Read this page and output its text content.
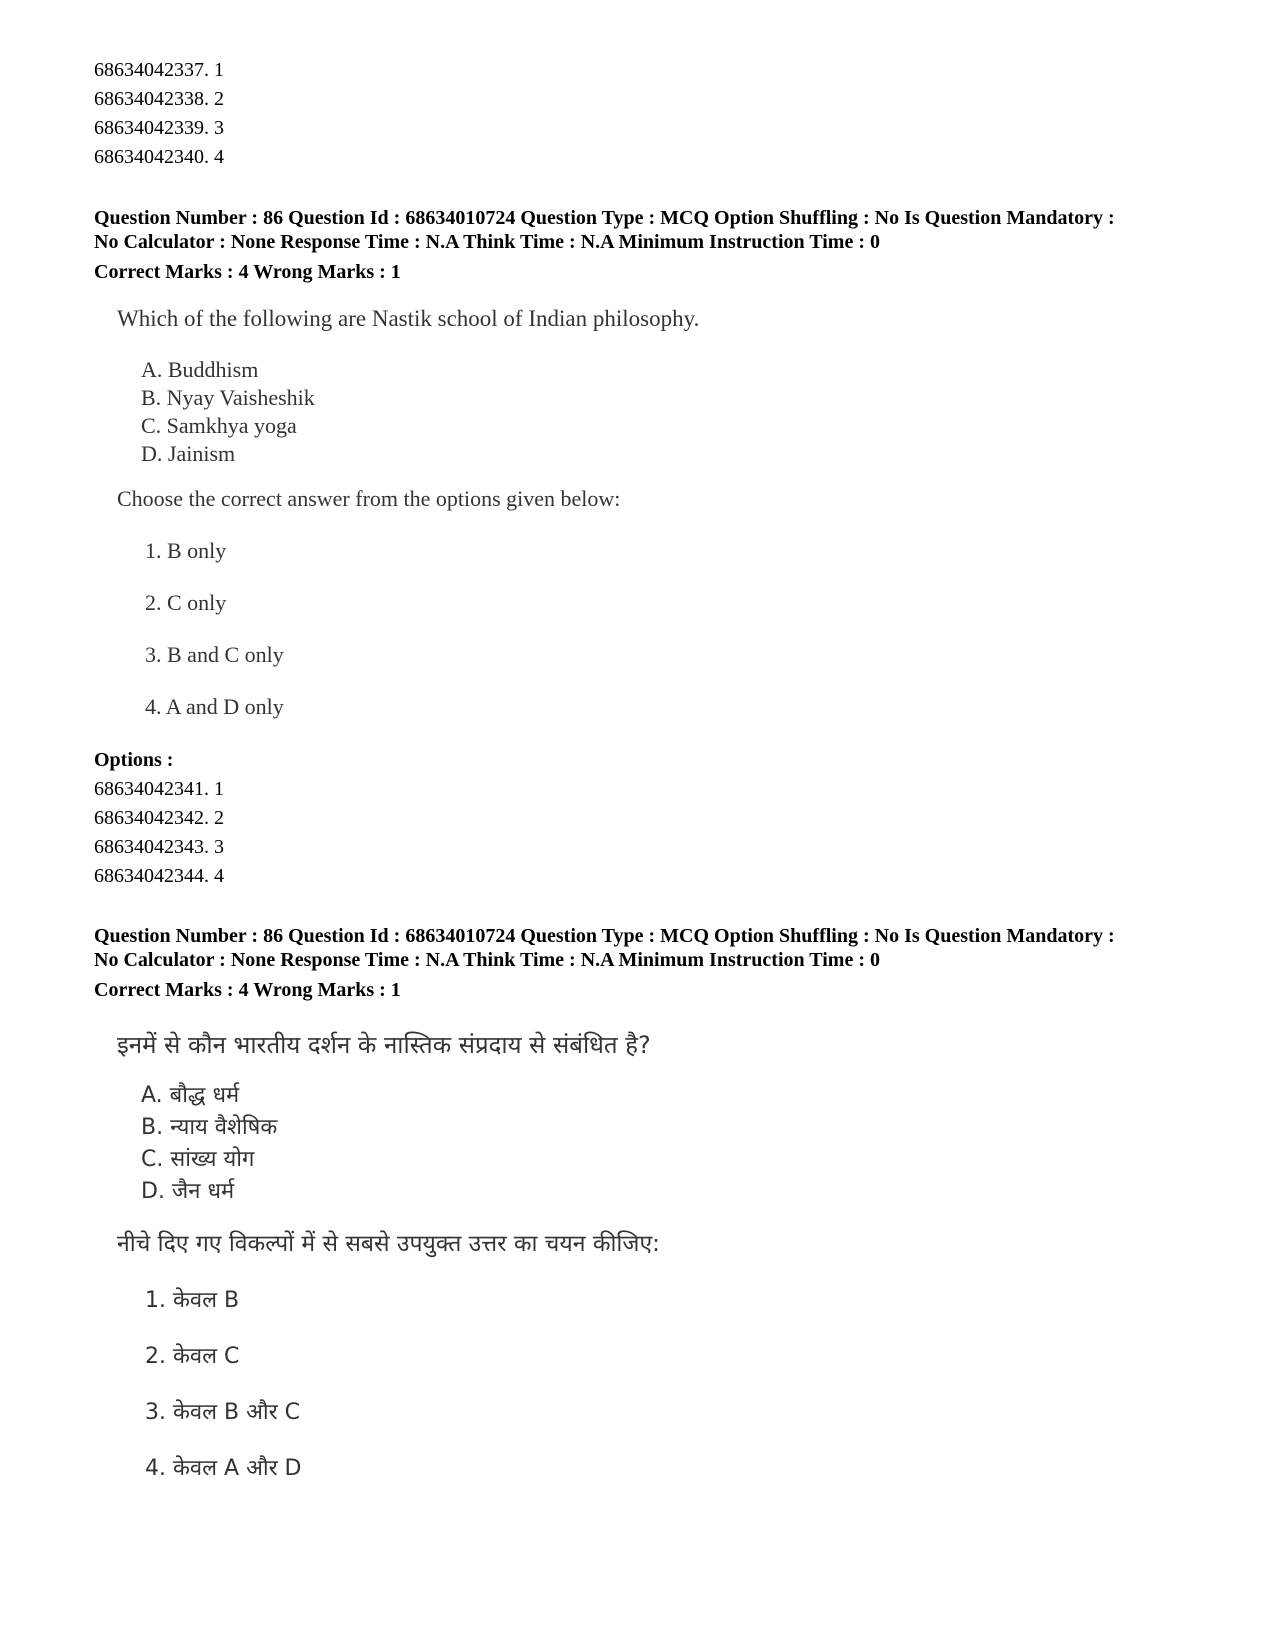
68634042337. 1
68634042338. 2
68634042339. 3
68634042340. 4
Question Number : 86 Question Id : 68634010724 Question Type : MCQ Option Shuffling : No Is Question Mandatory :
No Calculator : None Response Time : N.A Think Time : N.A Minimum Instruction Time : 0
Correct Marks : 4 Wrong Marks : 1
Which of the following are Nastik school of Indian philosophy.
A. Buddhism
B. Nyay Vaisheshik
C. Samkhya yoga
D. Jainism
Choose the correct answer from the options given below:
1. B only
2. C only
3. B and C only
4. A and D only
Options :
68634042341. 1
68634042342. 2
68634042343. 3
68634042344. 4
Question Number : 86 Question Id : 68634010724 Question Type : MCQ Option Shuffling : No Is Question Mandatory :
No Calculator : None Response Time : N.A Think Time : N.A Minimum Instruction Time : 0
Correct Marks : 4 Wrong Marks : 1
इनमें से कौन भारतीय दर्शन के नास्तिक संप्रदाय से संबंधित है?
A. बौद्ध धर्म
B. न्याय वैशेषिक
C. सांख्य योग
D. जैन धर्म
नीचे दिए गए विकल्पों में से सबसे उपयुक्त उत्तर का चयन कीजिए:
1. केवल B
2. केवल C
3. केवल B और C
4. केवल A और D
